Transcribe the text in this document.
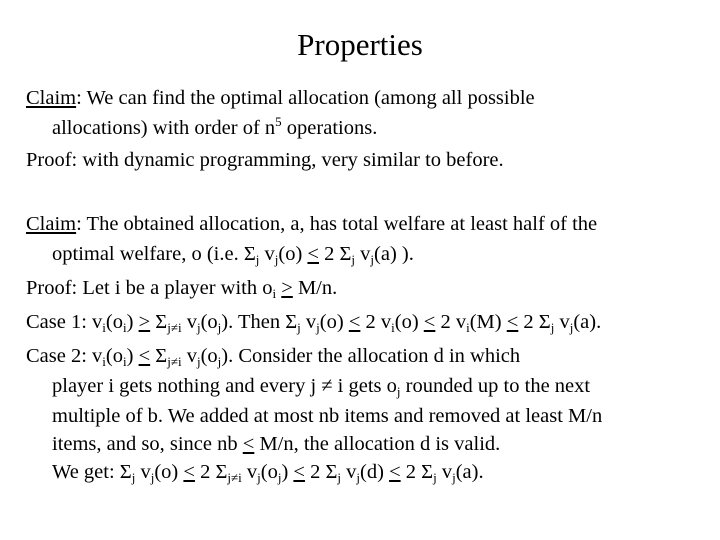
Properties
Claim: We can find the optimal allocation (among all possible
allocations) with order of $n^5$ operations.
Proof: with dynamic programming, very similar to before.
Claim: The obtained allocation, a, has total welfare at least half of the
optimal welfare, o (i.e. $\Sigma_j$ $v_j(o) \le 2$ $\Sigma_j$ $v_j(a)$ ).
Proof: Let i be a player with $o_i \ge M/n$.
Case 1: $v_i(o_i) \ge \Sigma_{j\ne i}$ $v_j(o_j)$. Then $\Sigma_j$ $v_j(o) \le 2$ $v_i(o) \le 2$ $v_i(M) \le 2$ $\Sigma_j$ $v_j(a)$.
Case 2: $v_i(o_i) \le \Sigma_{j\ne i}$ $v_j(o_j)$. Consider the allocation d in which
player i gets nothing and every j ≠ i gets $o_j$ rounded up to the next
multiple of b. We added at most nb items and removed at least M/n
items, and so, since nb ≤ M/n, the allocation d is valid.
We get: $\Sigma_j$ $v_j(o) \le 2$ $\Sigma_{j\ne i}$ $v_j(o_j) \le 2$ $\Sigma_j$ $v_j(d) \le 2$ $\Sigma_j$ $v_j(a)$.
